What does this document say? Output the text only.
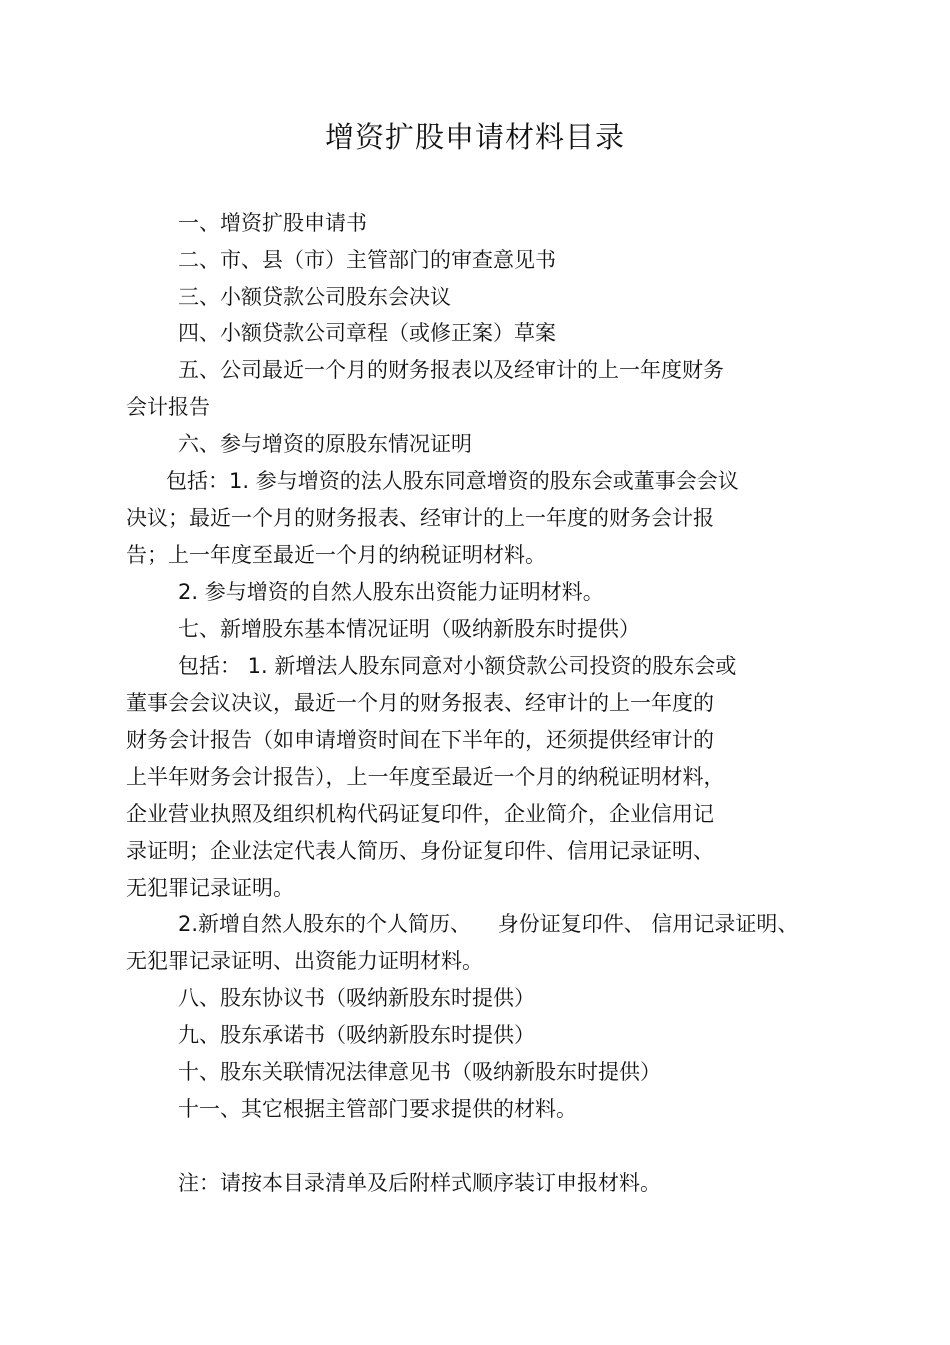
增资扩股申请材料目录
一、增资扩股申请书
二、市、县（市）主管部门的审查意见书
三、小额贷款公司股东会决议
四、小额贷款公司章程（或修正案）草案
五、公司最近一个月的财务报表以及经审计的上一年度财务
会计报告
六、参与增资的原股东情况证明
包括：1. 参与增资的法人股东同意增资的股东会或董事会会议
决议；最近一个月的财务报表、经审计的上一年度的财务会计报
告；上一年度至最近一个月的纳税证明材料。
2. 参与增资的自然人股东出资能力证明材料。
七、新增股东基本情况证明（吸纳新股东时提供）
包括： 1. 新增法人股东同意对小额贷款公司投资的股东会或
董事会会议决议，最近一个月的财务报表、经审计的上一年度的
财务会计报告（如申请增资时间在下半年的，还须提供经审计的
上半年财务会计报告），上一年度至最近一个月的纳税证明材料，
企业营业执照及组织机构代码证复印件，企业简介，企业信用记
录证明；企业法定代表人简历、身份证复印件、信用记录证明、
无犯罪记录证明。
2.新增自然人股东的个人简历、    身份证复印件、 信用记录证明、
无犯罪记录证明、出资能力证明材料。
八、股东协议书（吸纳新股东时提供）
九、股东承诺书（吸纳新股东时提供）
十、股东关联情况法律意见书（吸纳新股东时提供）
十一、其它根据主管部门要求提供的材料。
注：请按本目录清单及后附样式顺序装订申报材料。
